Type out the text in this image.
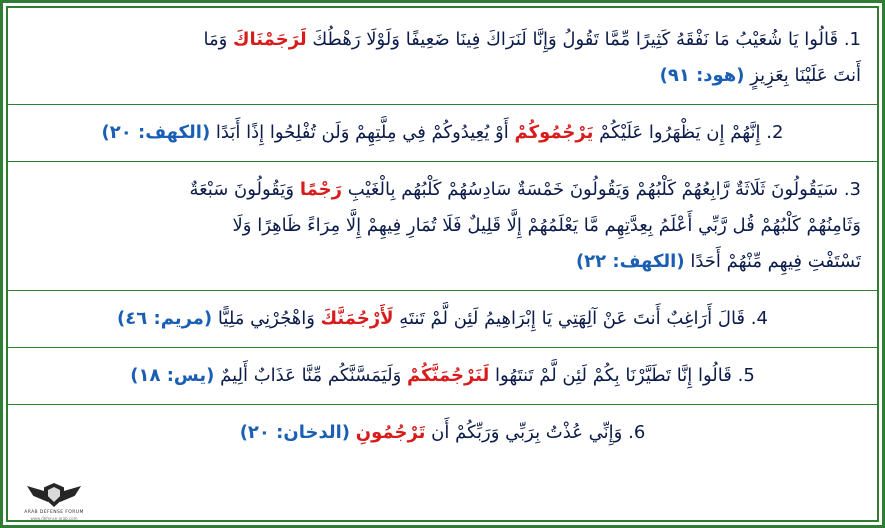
1. قَالُوا يَا شُعَيْبُ مَا نَفْقَهُ كَثِيرًا مِّمَّا تَقُولُ وَإِنَّا لَنَرَاكَ فِينَا ضَعِيفًا وَلَوْلَا رَهْطُكَ لَرَجَمْنَاكَ وَمَا
أَنتَ عَلَيْنَا بِعَزِيزٍ (هود: ٩١)
2. إِنَّهُمْ إِن يَظْهَرُوا عَلَيْكُمْ يَرْجُمُوكُمْ أَوْ يُعِيدُوكُمْ فِي مِلَّتِهِمْ وَلَن تُفْلِحُوا إِذًا أَبَدًا (الكهف: ٢٠)
3. سَيَقُولُونَ ثَلَاثَةٌ رَّابِعُهُمْ كَلْبُهُمْ وَيَقُولُونَ خَمْسَةٌ سَادِسُهُمْ كَلْبُهُم بِالْغَيْبِ رَجْمًا وَيَقُولُونَ سَبْعَةٌ
وَثَامِنُهُمْ كَلْبُهُمْ قُل رَّبِّي أَعْلَمُ بِعِدَّتِهِم مَّا يَعْلَمُهُمْ إِلَّا قَلِيلٌ فَلَا تُمَارِ فِيهِمْ إِلَّا مِرَاءً ظَاهِرًا وَلَا
تَسْتَفْتِ فِيهِم مِّنْهُمْ أَحَدًا (الكهف: ٢٢)
4. قَالَ أَرَاغِبٌ أَنتَ عَنْ آلِهَتِي يَا إِبْرَاهِيمُ لَئِن لَّمْ تَنتَهِ لَأَرْجُمَنَّكَ وَاهْجُرْنِي مَلِيًّا (مريم: ٤٦)
5. قَالُوا إِنَّا تَطَيَّرْنَا بِكُمْ لَئِن لَّمْ تَنتَهُوا لَنَرْجُمَنَّكُمْ وَلَيَمَسَّنَّكُم مِّنَّا عَذَابٌ أَلِيمٌ (يس: ١٨)
6. وَإِنِّي عُذْتُ بِرَبِّي وَرَبِّكُمْ أَن تَرْجُمُونِ (الدخان: ٢٠)
ARAB DEFENSE FORUM
www.defense-arab.com
